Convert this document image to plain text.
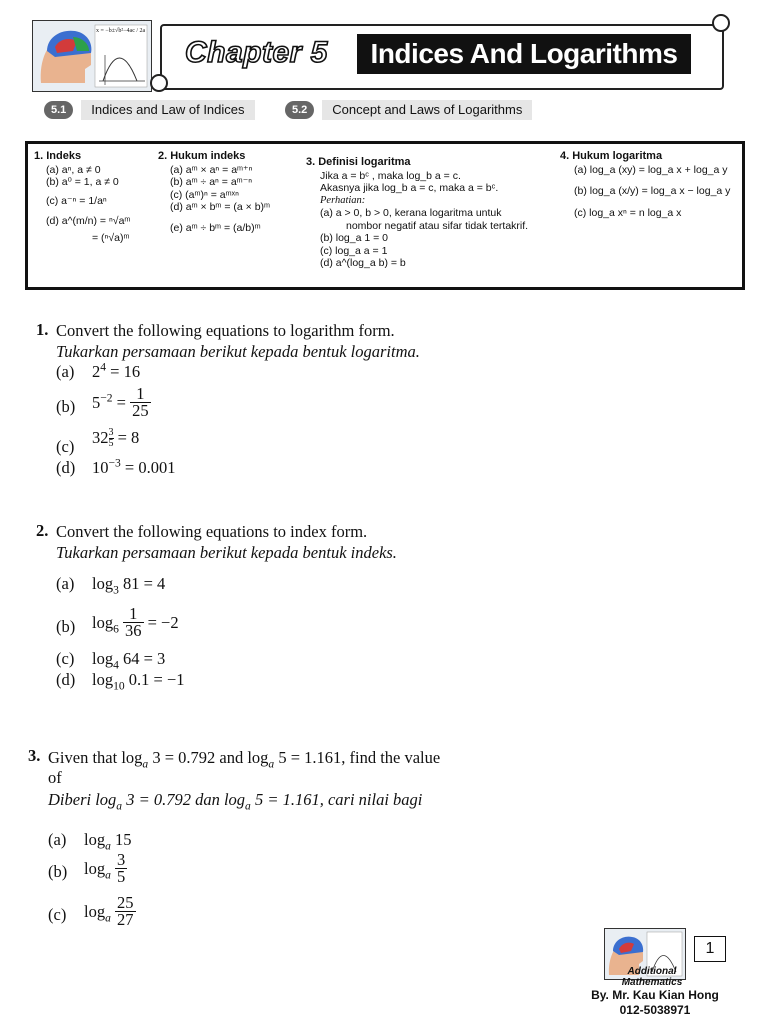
x = −b±√b²−4ac / 2a
Chapter 5	Indices And Logarithms
5.1 Indices and Law of Indices	5.2 Concept and Laws of Logarithms
1. Indeks
(a) aⁿ, a ≠ 0
(b) a⁰ = 1, a ≠ 0
(c) a⁻ⁿ = 1/aⁿ
(d) a^(m/n) = ⁿ√aᵐ
= (ⁿ√a)ᵐ
2. Hukum indeks
(a) aᵐ × aⁿ = aᵐ⁺ⁿ
(b) aᵐ ÷ aⁿ = aᵐ⁻ⁿ
(c) (aᵐ)ⁿ = aᵐˣⁿ
(d) aᵐ × bᵐ = (a × b)ᵐ
(e) aᵐ ÷ bᵐ = (a/b)ᵐ
3. Definisi logaritma
Jika a = bᶜ , maka log_b a = c.
Akasnya jika log_b a = c, maka a = bᶜ.
Perhatian:
(a) a > 0, b > 0, kerana logaritma untuk
nombor negatif atau sifar tidak tertakrif.
(b) log_a 1 = 0
(c) log_a a = 1
(d) a^(log_a b) = b
4. Hukum logaritma
(a) log_a (xy) = log_a x + log_a y
(b) log_a (x/y) = log_a x − log_a y
(c) log_a xⁿ = n log_a x
1. Convert the following equations to logarithm form.
Tukarkan persamaan berikut kepada bentuk logaritma.
(a) $2^4 = 16$
(b) $5^{-2} = \frac{1}{25}$
(c) $32 \frac{3}{5} = 8$
(d) $10^{-3} = 0.001$
2. Convert the following equations to index form.
Tukarkan persamaan berikut kepada bentuk indeks.
(a) $\log_3 81 = 4$
(b) $\log_6 \frac{1}{36} = -2$
(c) $\log_4 64 = 3$
(d) $\log_{10} 0.1 = -1$
3. Given that $\log_a 3 = 0.792$ and $\log_a 5 = 1.161$, find the value of
Diberi $\log_a 3 = 0.792$ dan $\log_a 5 = 1.161$, cari nilai bagi
(a) $\log_a 15$
(b) $\log_a \frac{3}{5}$
(c) $\log_a \frac{25}{27}$
1
Additional
Mathematics
By. Mr. Kau Kian Hong
012-5038971
